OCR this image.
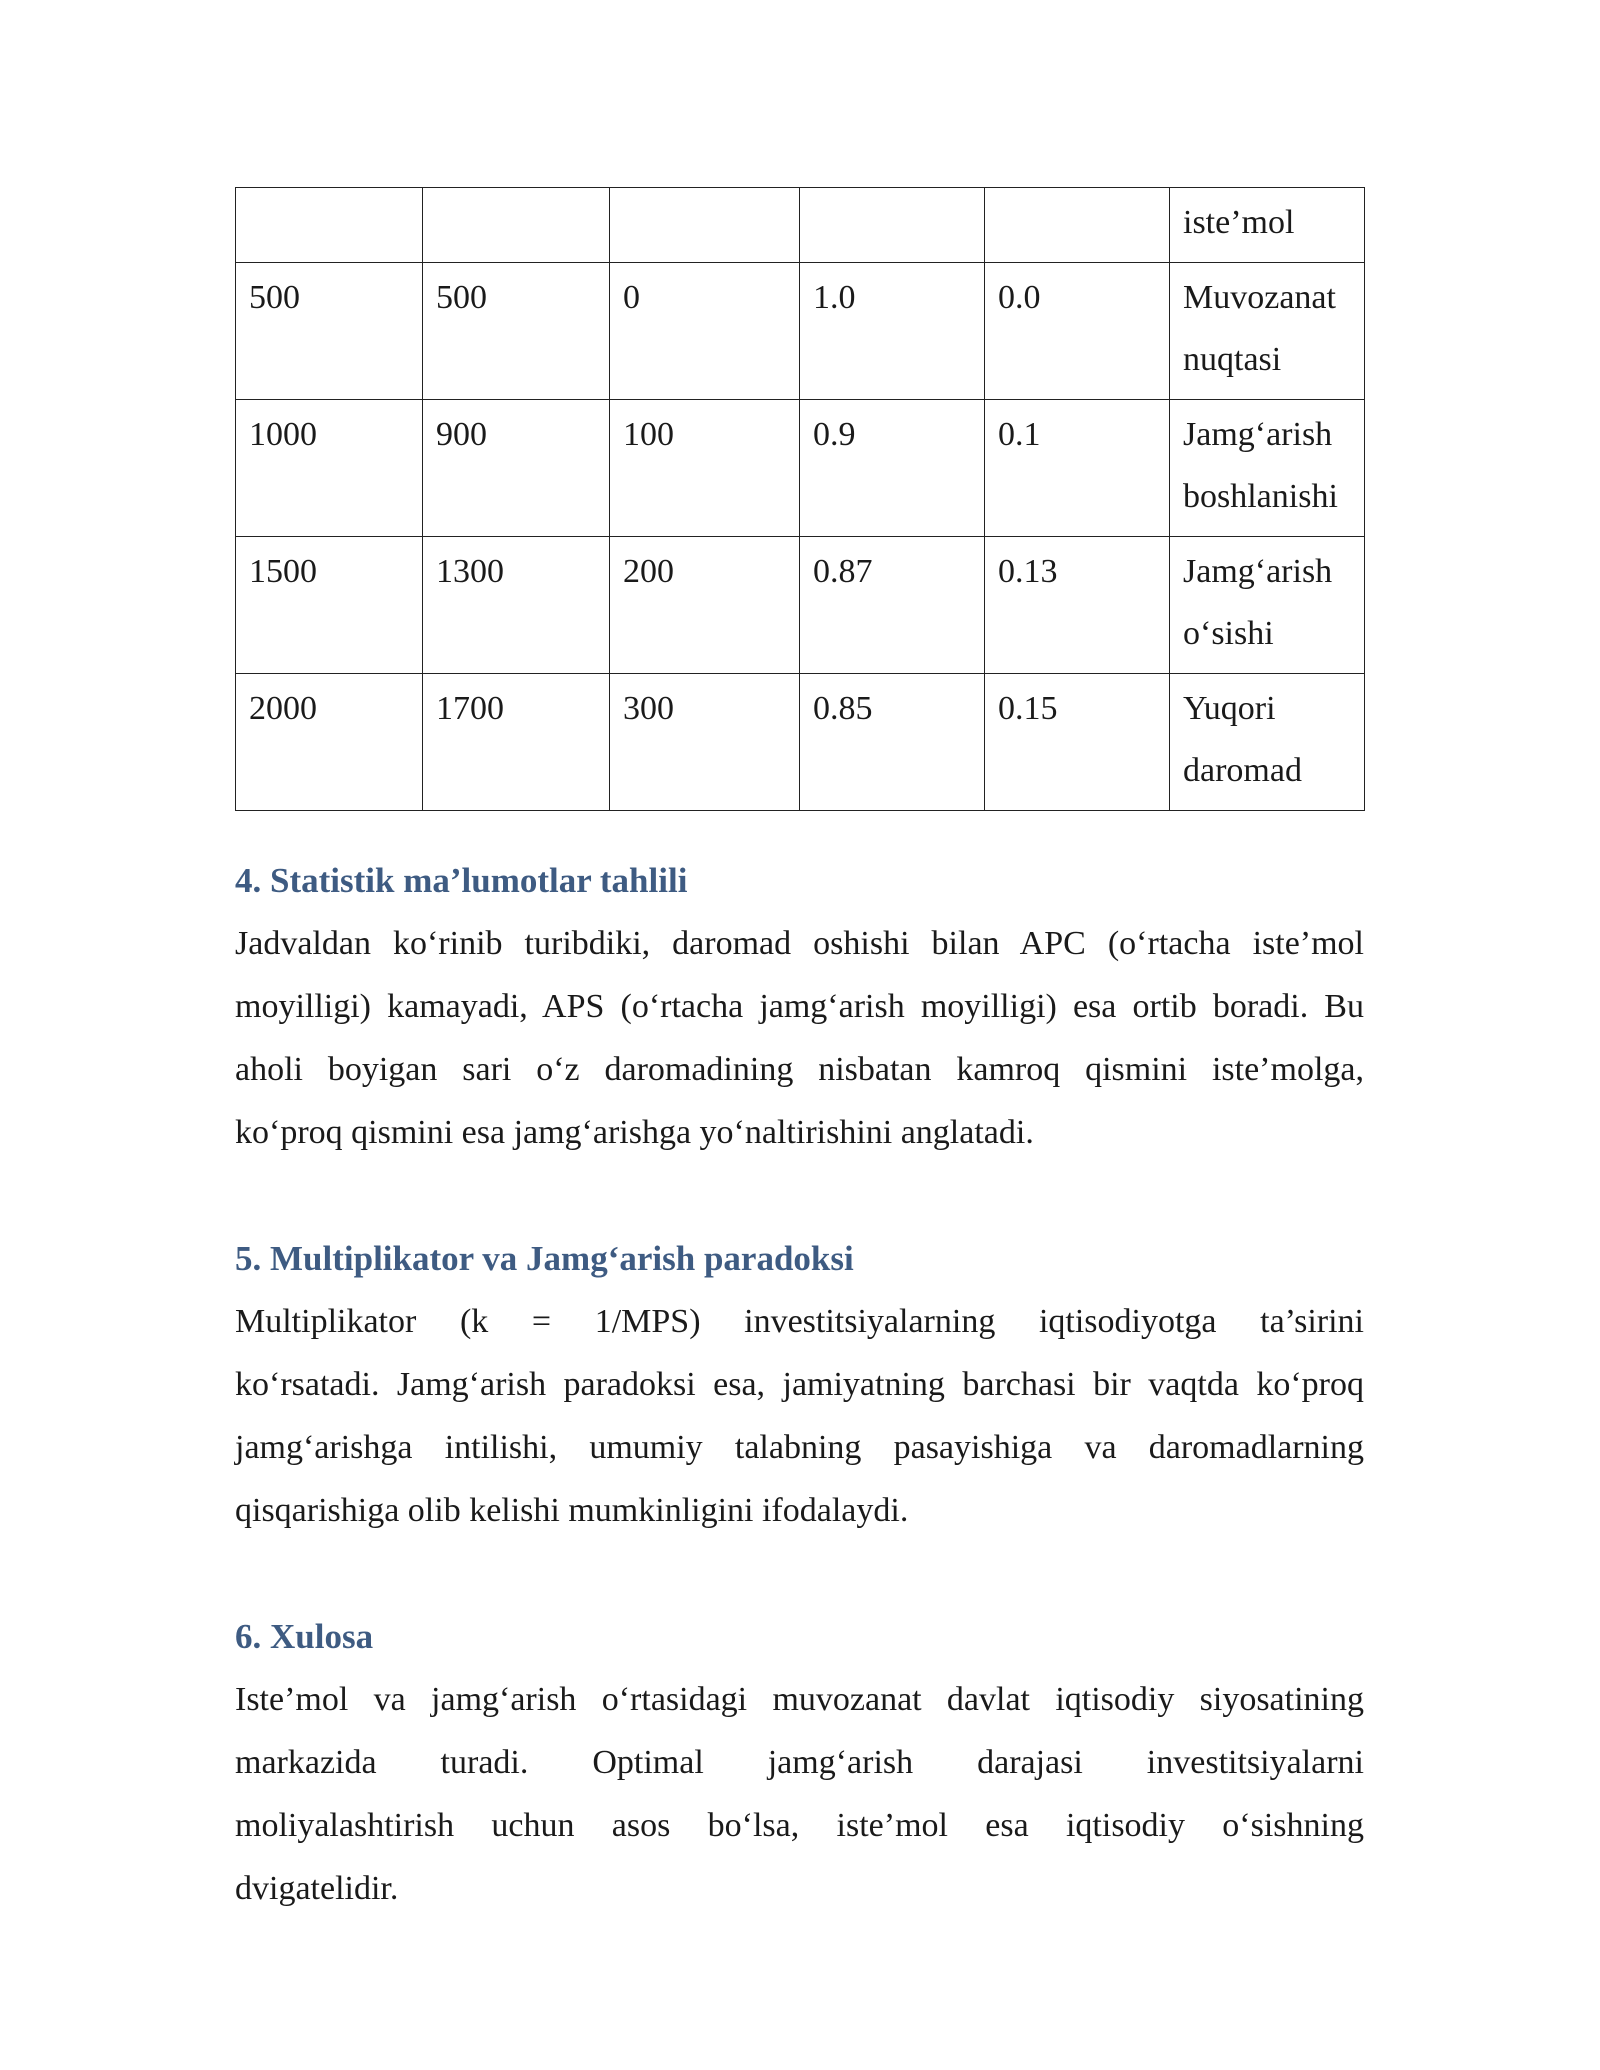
					iste’mol
500	500	0	1.0	0.0	Muvozanat nuqtasi
1000	900	100	0.9	0.1	Jamg‘arish boshlanishi
1500	1300	200	0.87	0.13	Jamg‘arish o‘sishi
2000	1700	300	0.85	0.15	Yuqori daromad

4. Statistik ma’lumotlar tahlili

Jadvaldan ko‘rinib turibdiki, daromad oshishi bilan APC (o‘rtacha iste’mol
moyilligi) kamayadi, APS (o‘rtacha jamg‘arish moyilligi) esa ortib boradi. Bu
aholi boyigan sari o‘z daromadining nisbatan kamroq qismini iste’molga,
ko‘proq qismini esa jamg‘arishga yo‘naltirishini anglatadi.

5. Multiplikator va Jamg‘arish paradoksi

Multiplikator (k = 1/MPS) investitsiyalarning iqtisodiyotga ta’sirini
ko‘rsatadi. Jamg‘arish paradoksi esa, jamiyatning barchasi bir vaqtda ko‘proq
jamg‘arishga intilishi, umumiy talabning pasayishiga va daromadlarning
qisqarishiga olib kelishi mumkinligini ifodalaydi.

6. Xulosa

Iste’mol va jamg‘arish o‘rtasidagi muvozanat davlat iqtisodiy siyosatining
markazida turadi. Optimal jamg‘arish darajasi investitsiyalarni
moliyalashtirish uchun asos bo‘lsa, iste’mol esa iqtisodiy o‘sishning
dvigatelidir.
